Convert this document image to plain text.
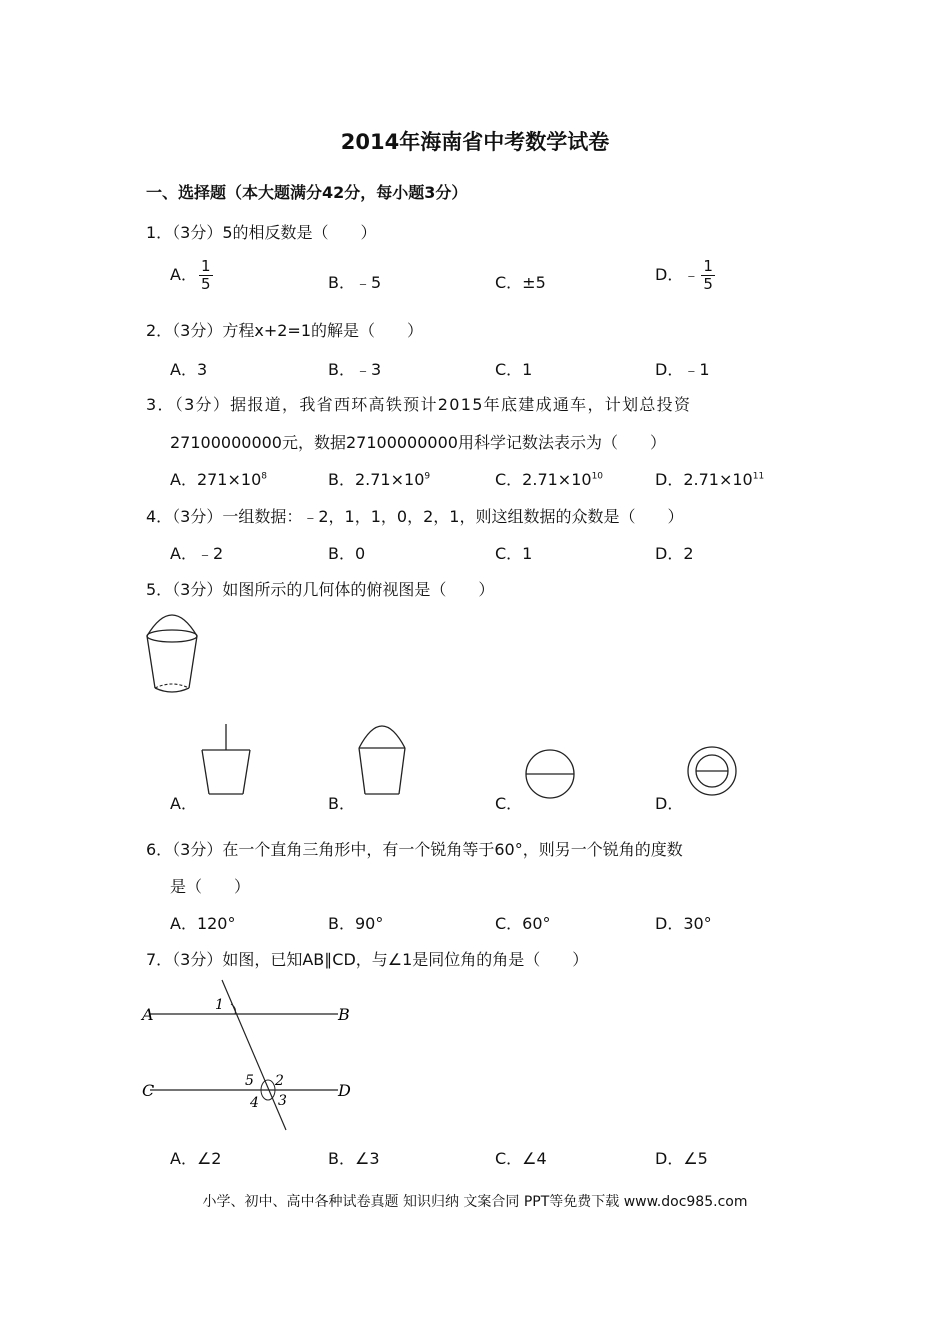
2014年海南省中考数学试卷
一、选择题（本大题满分42分，每小题3分）
1．（3分）5的相反数是（　　）
A． $\frac{1}{5}$	B．﹣5	C．±5	D．﹣ $\frac{1}{5}$
2．（3分）方程x+2=1的解是（　　）
A．3	B．﹣3	C．1	D．﹣1
3．（3分）据报道，我省西环高铁预计2015年底建成通车，计划总投资
27100000000元，数据27100000000用科学记数法表示为（　　）
A．$271\times 10^8$	B．$2.71\times 10^9$	C．$2.71\times 10^{10}$	D．$2.71\times 10^{11}$
4．（3分）一组数据：﹣2，1，1，0，2，1，则这组数据的众数是（　　）
A．﹣2	B．0	C．1	D．2
5．（3分）如图所示的几何体的俯视图是（　　）
A．	B．	C．	D．
6．（3分）在一个直角三角形中，有一个锐角等于60°，则另一个锐角的度数
是（　　）
A．120°	B．90°	C．60°	D．30°
7．（3分）如图，已知AB∥CD，与∠1是同位角的角是（　　）
A	B
C	D
1
5 2
4 3
A．∠2	B．∠3	C．∠4	D．∠5
小学、初中、高中各种试卷真题 知识归纳 文案合同 PPT等免费下载 www.doc985.com
